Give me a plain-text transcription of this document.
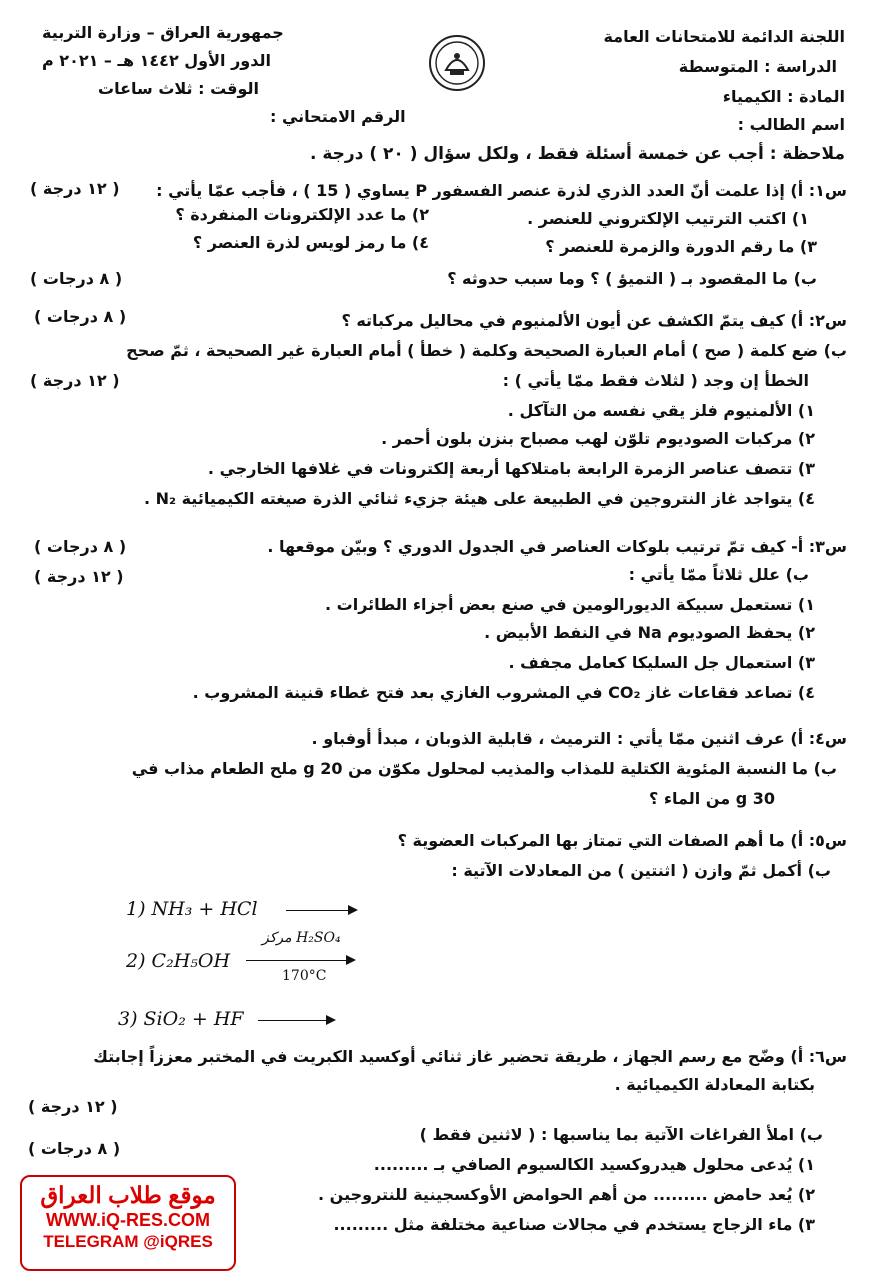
اللجنة الدائمة للامتحانات العامة
الدراسة : المتوسطة
المادة : الكيمياء
اسم الطالب :
جمهورية العراق – وزارة التربية
الدور الأول ١٤٤٢ هـ – ٢٠٢١ م
الوقت : ثلاث ساعات
الرقم الامتحاني :
ملاحظة : أجب عن خمسة أسئلة فقط ، ولكل سؤال ( ٢٠ ) درجة .
س١: أ) إذا علمت أنّ العدد الذري لذرة عنصر الفسفور P يساوي ( 15 ) ، فأجب عمّا يأتي :
( ١٢ درجة )
١) اكتب الترتيب الإلكتروني للعنصر .
٢) ما عدد الإلكترونات المنفردة ؟
٣) ما رقم الدورة والزمرة للعنصر ؟
٤) ما رمز لويس لذرة العنصر ؟
ب) ما المقصود بـ ( التميؤ ) ؟ وما سبب حدوثه ؟
( ٨ درجات )
س٢: أ) كيف يتمّ الكشف عن أيون الألمنيوم في محاليل مركباته ؟
( ٨ درجات )
ب) ضع كلمة ( صح ) أمام العبارة الصحيحة وكلمة ( خطأ ) أمام العبارة غير الصحيحة ، ثمّ صحح
الخطأ إن وجد ( لثلاث فقط ممّا يأتي ) :
( ١٢ درجة )
١) الألمنيوم فلز يقي نفسه من التآكل .
٢) مركبات الصوديوم تلوّن لهب مصباح بنزن بلون أحمر .
٣) تتصف عناصر الزمرة الرابعة بامتلاكها أربعة إلكترونات في غلافها الخارجي .
٤) يتواجد غاز النتروجين في الطبيعة على هيئة جزيء ثنائي الذرة صيغته الكيميائية N₂ .
س٣: أ- كيف تمّ ترتيب بلوكات العناصر في الجدول الدوري ؟ وبيّن موقعها .
( ٨ درجات )
ب) علل ثلاثاً ممّا يأتي :
( ١٢ درجة )
١) تستعمل سبيكة الديورالومين في صنع بعض أجزاء الطائرات .
٢) يحفظ الصوديوم Na في النفط الأبيض .
٣) استعمال جل السليكا كعامل مجفف .
٤) تصاعد فقاعات غاز CO₂ في المشروب الغازي بعد فتح غطاء قنينة المشروب .
س٤: أ) عرف اثنين ممّا يأتي : الترميث ، قابلية الذوبان ، مبدأ أوفباو .
ب) ما النسبة المئوية الكتلية للمذاب والمذيب لمحلول مكوّن من 20 g ملح الطعام مذاب في
30 g من الماء ؟
س٥: أ) ما أهم الصفات التي تمتاز بها المركبات العضوية ؟
ب) أكمل ثمّ وازن ( اثنتين ) من المعادلات الآتية :
1) NH₃ + HCl
2) C₂H₅OH
مركز H₂SO₄
170°C
3) SiO₂ + HF
س٦: أ) وضّح مع رسم الجهاز ، طريقة تحضير غاز ثنائي أوكسيد الكبريت في المختبر معززاً إجابتك
بكتابة المعادلة الكيميائية .
( ١٢ درجة )
ب) املأ الفراغات الآتية بما يناسبها : ( لاثنين فقط )
( ٨ درجات )
١) يُدعى محلول هيدروكسيد الكالسيوم الصافي بـ .........
٢) يُعد حامض ......... من أهم الحوامض الأوكسجينية للنتروجين .
٣) ماء الزجاج يستخدم في مجالات صناعية مختلفة مثل .........
موقع طلاب العراق
WWW.iQ-RES.COM
TELEGRAM @iQRES
